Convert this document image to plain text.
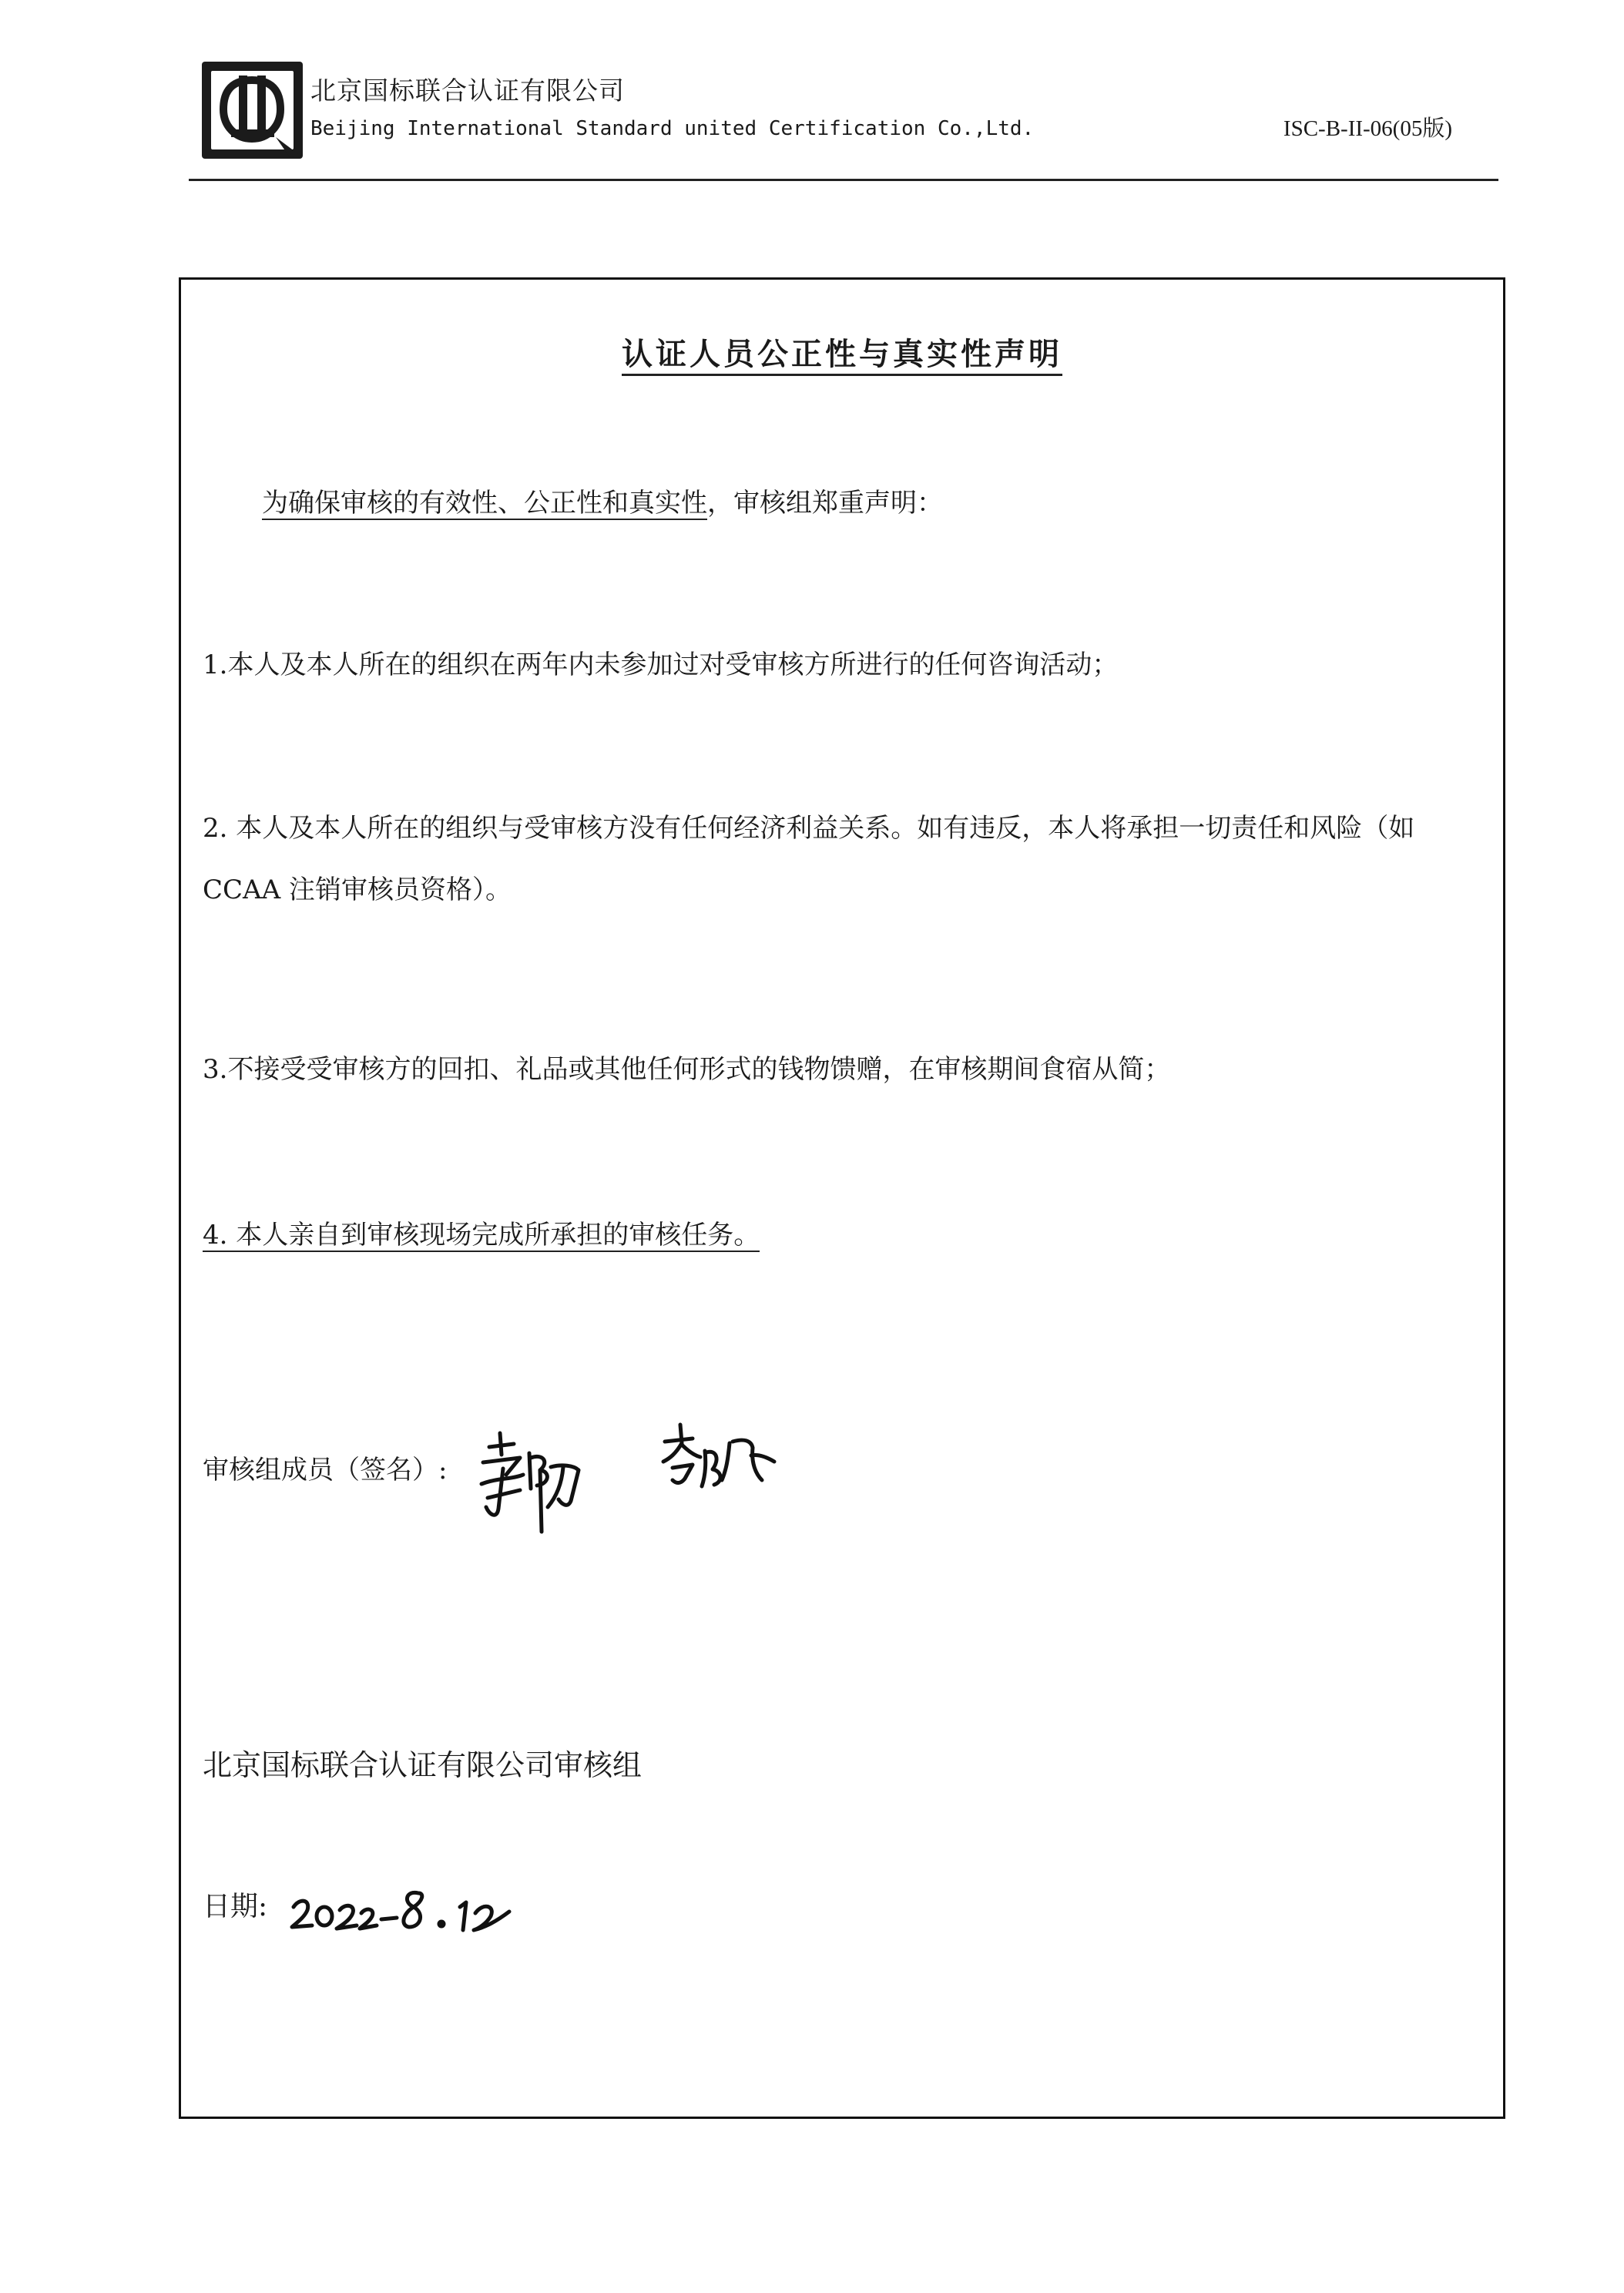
北京国标联合认证有限公司
Beijing International Standard united Certification Co.,Ltd.	ISC-B-II-06(05版)
认证人员公正性与真实性声明
为确保审核的有效性、公正性和真实性，审核组郑重声明：
1.本人及本人所在的组织在两年内未参加过对受审核方所进行的任何咨询活动；
2. 本人及本人所在的组织与受审核方没有任何经济利益关系。如有违反，本人将承担一切责任和风险（如 CCAA 注销审核员资格）。
3.不接受受审核方的回扣、礼品或其他任何形式的钱物馈赠，在审核期间食宿从简；
4. 本人亲自到审核现场完成所承担的审核任务。
审核组成员（签名）:
北京国标联合认证有限公司审核组
日期:
